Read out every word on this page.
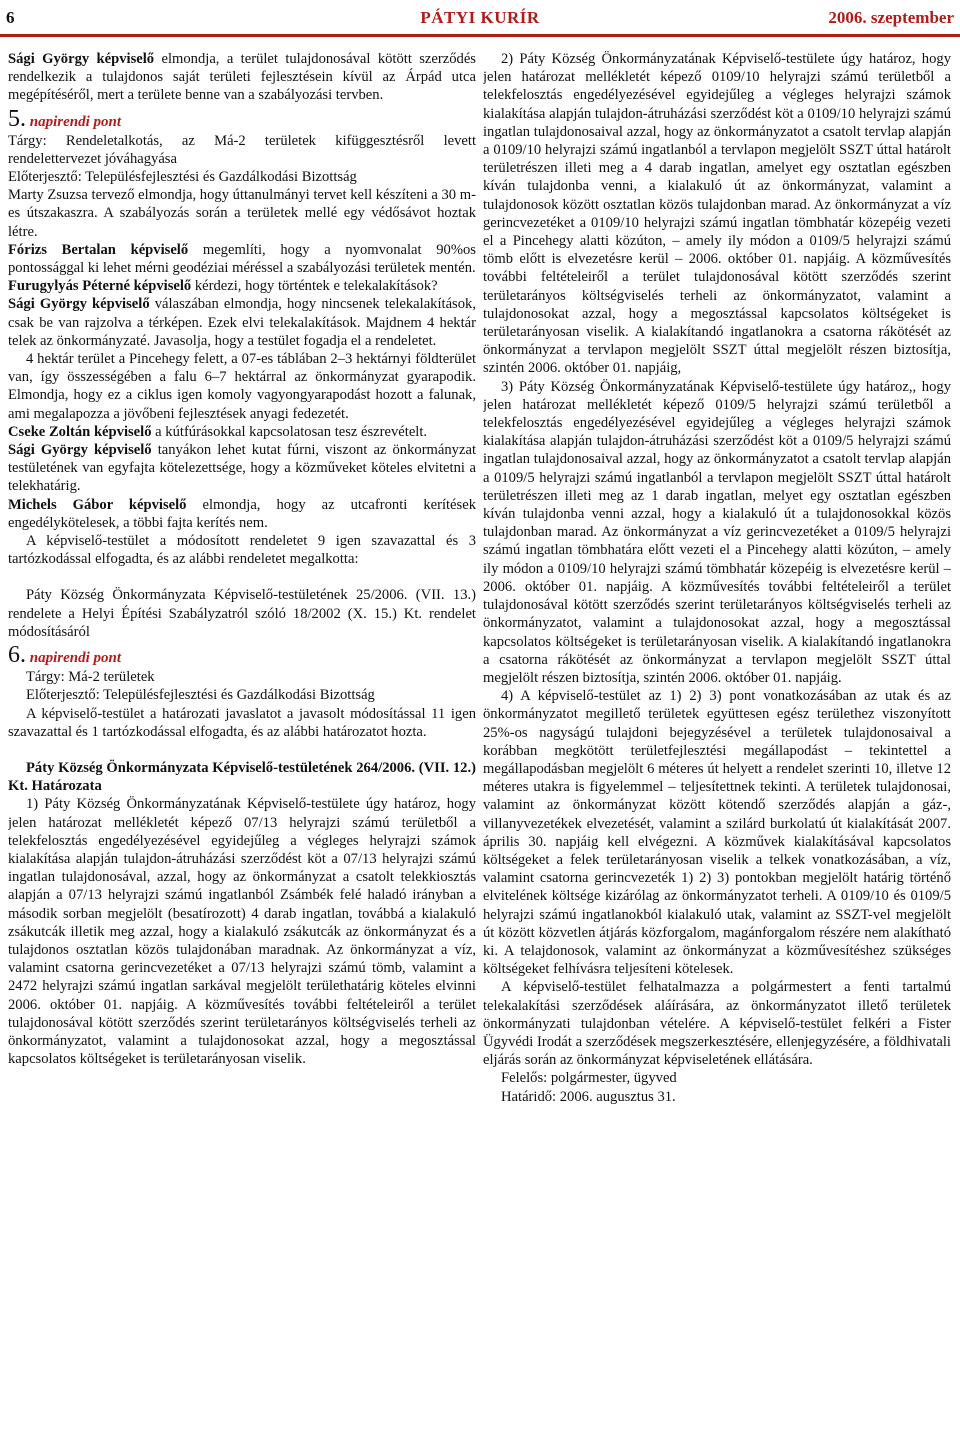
6	PÁTYI KURÍR	2006. szeptember

Sági György képviselő elmondja, a terület tulajdonosával kötött szerződés rendelkezik a tulajdonos saját területi fejlesztésein kívül az Árpád utca megépítéséről, mert a területe benne van a szabályozási tervben.

5. napirendi pont

Tárgy: Rendeletalkotás, az Má-2 területek kifüggesztésről levett rendelettervezet jóváhagyása

Előterjesztő: Településfejlesztési és Gazdálkodási Bizottság

Marty Zsuzsa tervező elmondja, hogy úttanulmányi tervet kell készíteni a 30 m-es útszakaszra. A szabályozás során a területek mellé egy védősávot hoztak létre.

Fórizs Bertalan képviselő megemlíti, hogy a nyomvonalat 90%os pontossággal ki lehet mérni geodéziai méréssel a szabályozási területek mentén.

Furugylyás Péterné képviselő kérdezi, hogy történtek e telekalakítások?

Sági György képviselő válaszában elmondja, hogy nincsenek telekalakítások, csak be van rajzolva a térképen. Ezek elvi telekalakítások. Majdnem 4 hektár telek az önkormányzaté. Javasolja, hogy a testület fogadja el a rendeletet.

4 hektár terület a Pincehegy felett, a 07-es táblában 2–3 hektárnyi földterület van, így összességében a falu 6–7 hektárral az önkormányzat gyarapodik. Elmondja, hogy ez a ciklus igen komoly vagyongyarapodást hozott a falunak, ami megalapozza a jövőbeni fejlesztések anyagi fedezetét.

Cseke Zoltán képviselő a kútfúrásokkal kapcsolatosan tesz észrevételt.

Sági György képviselő tanyákon lehet kutat fúrni, viszont az önkormányzat testületének van egyfajta kötelezettsége, hogy a közműveket köteles elvitetni a telekhatárig.

Michels Gábor képviselő elmondja, hogy az utcafronti kerítések engedélykötelesek, a többi fajta kerítés nem.

A képviselő-testület a módosított rendeletet 9 igen szavazattal és 3 tartózkodással elfogadta, és az alábbi rendeletet megalkotta:

Páty Község Önkormányzata Képviselő-testületének 25/2006. (VII. 13.) rendelete a Helyi Építési Szabályzatról szóló 18/2002 (X. 15.) Kt. rendelet módosításáról

6. napirendi pont

Tárgy: Má-2 területek

Előterjesztő: Településfejlesztési és Gazdálkodási Bizottság

A képviselő-testület a határozati javaslatot a javasolt módosítással 11 igen szavazattal és 1 tartózkodással elfogadta, és az alábbi határozatot hozta.

Páty Község Önkormányzata Képviselő-testületének 264/2006. (VII. 12.) Kt. Határozata

1) Páty Község Önkormányzatának Képviselő-testülete úgy határoz, hogy jelen határozat mellékletét képező 07/13 helyrajzi számú területből a telekfelosztás engedélyezésével egyidejűleg a végleges helyrajzi számok kialakítása alapján tulajdon-átruházási szerződést köt a 07/13 helyrajzi számú ingatlan tulajdonosával, azzal, hogy az önkormányzat a csatolt telekkiosztás alapján a 07/13 helyrajzi számú ingatlanból Zsámbék felé haladó irányban a második sorban megjelölt (besatírozott) 4 darab ingatlan, továbbá a kialakuló zsákutcák illetik meg azzal, hogy a kialakuló zsákutcák az önkormányzat és a tulajdonos osztatlan közös tulajdonában maradnak. Az önkormányzat a víz, valamint csatorna gerincvezetéket a 07/13 helyrajzi számú tömb, valamint a 2472 helyrajzi számú ingatlan sarkával megjelölt területhatárig köteles elvinni 2006. október 01. napjáig. A közművesítés további feltételeiről a terület tulajdonosával kötött szerződés szerint területarányos költségviselés terheli az önkormányzatot, valamint a tulajdonosokat azzal, hogy a megosztással kapcsolatos költségeket is területarányosan viselik.

2) Páty Község Önkormányzatának Képviselő-testülete úgy határoz, hogy jelen határozat mellékletét képező 0109/10 helyrajzi számú területből a telekfelosztás engedélyezésével egyidejűleg a végleges helyrajzi számok kialakítása alapján tulajdon-átruházási szerződést köt a 0109/10 helyrajzi számú ingatlan tulajdonosaival azzal, hogy az önkormányzatot a csatolt tervlap alapján a 0109/10 helyrajzi számú ingatlanból a tervlapon megjelölt SSZT úttal határolt területrészen illeti meg a 4 darab ingatlan, amelyet egy osztatlan egészben kíván tulajdonba venni, a kialakuló út az önkormányzat, valamint a tulajdonosok között osztatlan közös tulajdonban marad. Az önkormányzat a víz gerincvezetéket a 0109/10 helyrajzi számú ingatlan tömbhatár közepéig vezeti el a Pincehegy alatti közúton, – amely ily módon a 0109/5 helyrajzi számú tömb előtt is elvezetésre kerül – 2006. október 01. napjáig. A közművesítés további feltételeiről a terület tulajdonosával kötött szerződés szerint területarányos költségviselés terheli az önkormányzatot, valamint a tulajdonosokat azzal, hogy a megosztással kapcsolatos költségeket is területarányosan viselik. A kialakítandó ingatlanokra a csatorna rákötését az önkormányzat a tervlapon megjelölt SSZT úttal megjelölt részen biztosítja, szintén 2006. október 01. napjáig,

3) Páty Község Önkormányzatának Képviselő-testülete úgy határoz,, hogy jelen határozat mellékletét képező 0109/5 helyrajzi számú területből a telekfelosztás engedélyezésével egyidejűleg a végleges helyrajzi számok kialakítása alapján tulajdon-átruházási szerződést köt a 0109/5 helyrajzi számú ingatlan tulajdonosaival azzal, hogy az önkormányzatot a csatolt tervlap alapján a 0109/5 helyrajzi számú ingatlanból a tervlapon megjelölt SSZT úttal határolt területrészen illeti meg az 1 darab ingatlan, melyet egy osztatlan egészben kíván tulajdonba venni azzal, hogy a kialakuló út a tulajdonosokkal közös tulajdonban marad. Az önkormányzat a víz gerincvezetéket a 0109/5 helyrajzi számú ingatlan tömbhatára előtt vezeti el a Pincehegy alatti közúton, – amely ily módon a 0109/10 helyrajzi számú tömbhatár közepéig is elvezetésre kerül – 2006. október 01. napjáig. A közművesítés további feltételeiről a terület tulajdonosával kötött szerződés szerint területarányos költségviselés terheli az önkormányzatot, valamint a tulajdonosokat azzal, hogy a megosztással kapcsolatos költségeket is területarányosan viselik. A kialakítandó ingatlanokra a csatorna rákötését az önkormányzat a tervlapon megjelölt SSZT úttal megjelölt részen biztosítja, szintén 2006. október 01. napjáig.

4) A képviselő-testület az 1) 2) 3) pont vonatkozásában az utak és az önkormányzatot megillető területek együttesen egész területhez viszonyított 25%-os nagyságú tulajdoni bejegyzésével a területek tulajdonosaival a korábban megkötött területfejlesztési megállapodást – tekintettel a megállapodásban megjelölt 6 méteres út helyett a rendelet szerinti 10, illetve 12 méteres utakra is figyelemmel – teljesítettnek tekinti. A területek tulajdonosai, valamint az önkormányzat között kötendő szerződés alapján a gáz-, villanyvezetékek elvezetését, valamint a szilárd burkolatú út kialakítását 2007. április 30. napjáig kell elvégezni. A közművek kialakításával kapcsolatos költségeket a felek területarányosan viselik a telkek vonatkozásában, a víz, valamint csatorna gerincvezeték 1) 2) 3) pontokban megjelölt határig történő elvitelének költsége kizárólag az önkormányzatot terheli. A 0109/10 és 0109/5 helyrajzi számú ingatlanokból kialakuló utak, valamint az SSZT-vel megjelölt út között közvetlen átjárás közforgalom, magánforgalom részére nem alakítható ki. A telajdonosok, valamint az önkormányzat a közművesítéshez szükséges költségeket felhívásra teljesíteni kötelesek.

A képviselő-testület felhatalmazza a polgármestert a fenti tartalmú telekalakítási szerződések aláírására, az önkormányzatot illető területek önkormányzati tulajdonban vételére. A képviselő-testület felkéri a Fister Ügyvédi Irodát a szerződések megszerkesztésére, ellenjegyzésére, a földhivatali eljárás során az önkormányzat képviseletének ellátására.

Felelős: polgármester, ügyved

Határidő: 2006. augusztus 31.
